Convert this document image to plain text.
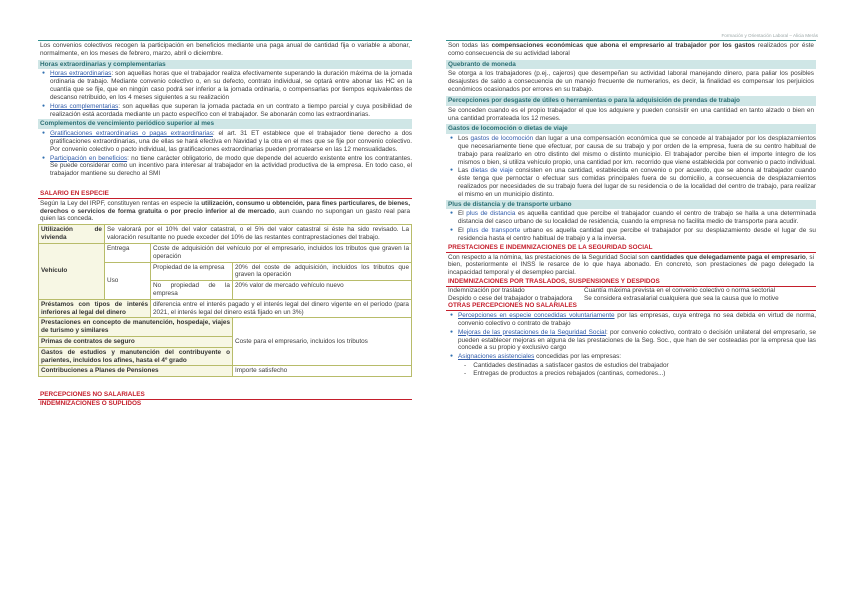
Formación y Orientación Laboral – Alicia Merás
Los convenios colectivos recogen la participación en beneficios mediante una paga anual de cantidad fija o variable a abonar, normalmente, en los meses de febrero, marzo, abril o diciembre.
Horas extraordinarias y complementarias
● Horas extraordinarias: son aquellas horas que el trabajador realiza efectivamente superando la duración máxima de la jornada ordinaria de trabajo. Mediante convenio colectivo o, en su defecto, contrato individual, se optará entre abonar las HC en la cuantía que se fije, que en ningún caso podrá ser inferior a la jornada ordinaria, o compensarlas por tiempos equivalentes de descanso retribuido, en los 4 meses siguientes a su realización
● Horas complementarias: son aquellas que superan la jornada pactada en un contrato a tiempo parcial y cuya posibilidad de realización está acordada mediante un pacto específico con el trabajador. Se abonarán como las extraordinarias.
Complementos de vencimiento periódico superior al mes
● Gratificaciones extraordinarias o pagas extraordinarias: el art. 31 ET establece que el trabajador tiene derecho a dos gratificaciones extraordinarias, una de ellas se hará efectiva en Navidad y la otra en el mes que se fije por convenio colectivo. Por convenio colectivo o pacto individual, las gratificaciones extraordinarias pueden prorratearse en las 12 mensualidades.
● Participación en beneficios: no tiene carácter obligatorio, de modo que depende del acuerdo existente entre los contratantes. Se puede considerar como un incentivo para interesar al trabajador en la actividad productiva de la empresa. En todo caso, el trabajador mantiene su derecho al SMI
SALARIO EN ESPECIE
Según la Ley del IRPF, constituyen rentas en especie la utilización, consumo u obtención, para fines particulares, de bienes, derechos o servicios de forma gratuita o por precio inferior al de mercado, aun cuando no supongan un gasto real para quien las conceda.
Utilización de vivienda	Se valorará por el 10% del valor catastral, o el 5% del valor catastral si éste ha sido revisado. La valoración resultante no puede exceder del 10% de las restantes contraprestaciones del trabajo.		
Vehículo	Entrega	Coste de adquisición del vehículo por el empresario, incluidos los tributos que graven la operación	
	Uso	Propiedad de la empresa	20% del coste de adquisición, incluidos los tributos que graven la operación
		No propiedad de la empresa	20% valor de mercado vehículo nuevo
Préstamos con tipos de interés inferiores al legal del dinero		diferencia entre el interés pagado y el interés legal del dinero vigente en el período (para 2021, el interés legal del dinero está fijado en un 3%)	
Prestaciones en concepto de manutención, hospedaje, viajes de turismo y similares			Coste para el empresario, incluidos los tributos
Primas de contratos de seguro			
Gastos de estudios y manutención del contribuyente o parientes, incluidos los afines, hasta el 4º grado			
Contribuciones a Planes de Pensiones			Importe satisfecho
PERCEPCIONES NO SALARIALES
INDEMNIZACIONES O SUPLIDOS
Son todas las compensaciones económicas que abona el empresario al trabajador por los gastos realizados por éste como consecuencia de su actividad laboral
Quebranto de moneda
Se otorga a los trabajadores (p.ej., cajeros) que desempeñan su actividad laboral manejando dinero, para paliar los posibles desajustes de saldo a consecuencia de un manejo frecuente de numerarios, es decir, la finalidad es compensar los perjuicios económicos ocasionados por errores en su trabajo.
Percepciones por desgaste de útiles o herramientas o para la adquisición de prendas de trabajo
Se conceden cuando es el propio trabajador el que los adquiere y pueden consistir en una cantidad en tanto alzado o bien en una cantidad prorrateada los 12 meses.
Gastos de locomoción o dietas de viaje
● Los gastos de locomoción dan lugar a una compensación económica que se concede al trabajador por los desplazamientos que necesariamente tiene que efectuar, por causa de su trabajo y por orden de la empresa, fuera de su centro habitual de trabajo para realizarlo en otro distinto del mismo o distinto municipio. El trabajador percibe bien el importe íntegro de los mismos o bien, si utiliza vehículo propio, una cantidad por km. recorrido que viene establecida por convenio o pacto individual.
● Las dietas de viaje consisten en una cantidad, establecida en convenio o por acuerdo, que se abona al trabajador cuando éste tenga que pernoctar o efectuar sus comidas principales fuera de su domicilio, a consecuencia de desplazamientos realizados por necesidades de su trabajo fuera del lugar de su residencia o de la localidad del centro de trabajo, para realizar el mismo en un municipio distinto.
Plus de distancia y de transporte urbano
● El plus de distancia es aquella cantidad que percibe el trabajador cuando el centro de trabajo se halla a una determinada distancia del casco urbano de su localidad de residencia, cuando la empresa no facilita medio de transporte para acudir.
● El plus de transporte urbano es aquella cantidad que percibe el trabajador por su desplazamiento desde el lugar de su residencia hasta el centro habitual de trabajo y a la inversa.
PRESTACIONES E INDEMNIZACIONES DE LA SEGURIDAD SOCIAL
Con respecto a la nómina, las prestaciones de la Seguridad Social son cantidades que delegadamente paga el empresario, si bien, posteriormente el INSS le resarce de lo que haya abonado. En concreto, son prestaciones de pago delegado la incapacidad temporal y el desempleo parcial.
INDEMNIZACIONES POR TRASLADOS, SUSPENSIONES Y DESPIDOS
Indemnización por traslado	Cuantía máxima prevista en el convenio colectivo o norma sectorial
Despido o cese del trabajador o trabajadora	Se considera extrasalarial cualquiera que sea la causa que lo motive
OTRAS PERCEPCIONES NO SALARIALES
● Percepciones en especie concedidas voluntariamente por las empresas, cuya entrega no sea debida en virtud de norma, convenio colectivo o contrato de trabajo
● Mejoras de las prestaciones de la Seguridad Social: por convenio colectivo, contrato o decisión unilateral del empresario, se pueden establecer mejoras en alguna de las prestaciones de la Seg. Soc., que han de ser costeadas por la empresa que las concede a su propio y exclusivo cargo
● Asignaciones asistenciales concedidas por las empresas:
-    Cantidades destinadas a satisfacer gastos de estudios del trabajador
-    Entregas de productos a precios rebajados (cantinas, comedores...)
